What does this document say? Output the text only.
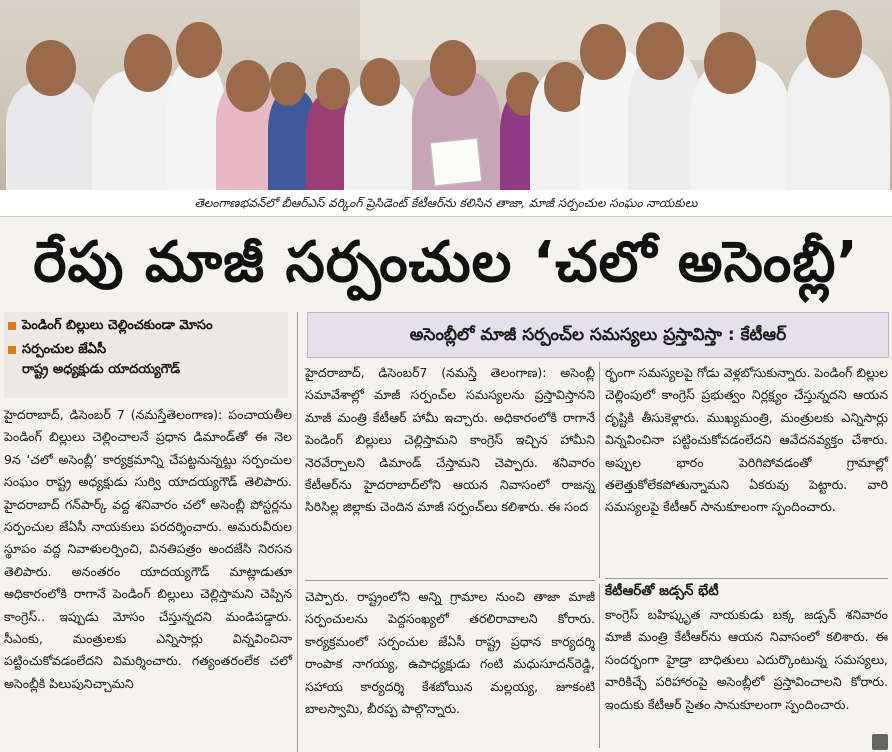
తెలంగాణభవన్‌లో బీఆర్ఎస్ వర్కింగ్ ప్రెసిడెంట్ కేటీఆర్‌ను కలిసిన తాజా, మాజీ సర్పంచుల సంఘం నాయకులు
రేపు మాజీ సర్పంచుల ‘చలో అసెంబ్లీ’
పెండింగ్ బిల్లులు చెల్లించకుండా మోసం
సర్పంచుల జేఏసీ
రాష్ట్ర అధ్యక్షుడు యాదయ్యగౌడ్

హైదరాబాద్, డిసెంబర్ 7 (నమస్తేతెలంగాణ): పంచాయతీల పెండింగ్ బిల్లులు చెల్లించాలనే ప్రధాన డిమాండ్‌తో ఈ నెల 9న ‘చలో అసెంబ్లీ’ కార్యక్రమాన్ని చేపట్టనున్నట్టు సర్పంచుల సంఘం రాష్ట్ర అధ్యక్షుడు సుర్వి యాదయ్యగౌడ్ తెలిపారు. హైదరాబాద్ గన్‌పార్క్ వద్ద శనివారం చలో అసెంబ్లీ పోస్టర్లను సర్పంచుల జేఏసీ నాయకులు పరదర్శించారు. అమరువీరుల స్థూపం వద్ద నివాళులర్పించి, వినతిపత్రం అందజేసి నిరసన తెలిపారు. అనంతరం యాదయ్యగౌడ్ మాట్లాడుతూ అధికారంలోకి రాగానే పెండింగ్ బిల్లులు చెల్లిస్తామని చెప్పిన కాంగ్రెస్.. ఇప్పుడు మోసం చేస్తున్నదని మండిపడ్డారు. సీఎంకు, మంత్రులకు ఎన్నిసార్లు విన్నవించినా పట్టించుకోవడంలేదని విమర్శించారు. గత్యంతరంలేక చలో అసెంబ్లీకి పిలుపునిచ్చామని

అసెంబ్లీలో మాజీ సర్పంచ్‌ల సమస్యలు ప్రస్తావిస్తా : కేటీఆర్

హైదరాబాద్, డిసెంబర్7 (నమస్తే తెలంగాణ): అసెంబ్లీ సమావేశాల్లో మాజీ సర్పంచ్‌ల సమస్యలను ప్రస్తావిస్తానని మాజీ మంత్రి కేటీఆర్ హామీ ఇచ్చారు. అధికారంలోకి రాగానే పెండింగ్ బిల్లులు చెల్లిస్తామని కాంగ్రెస్ ఇచ్చిన హామీని నెరవేర్చాలని డిమాండ్ చేస్తామని చెప్పారు. శనివారం కేటీఆర్‌ను హైదరాబాద్‌లోని ఆయన నివాసంలో రాజన్న సిరిసిల్ల జిల్లాకు చెందిన మాజీ సర్పంచ్‌లు కలిశారు. ఈ సంద

ర్భంగా సమస్యలపై గోడు వెళ్లబోసుకున్నారు. పెండింగ్ బిల్లుల చెల్లింపులో కాంగ్రెస్ ప్రభుత్వం నిర్లక్ష్యం చేస్తున్నదని ఆయన దృష్టికి తీసుకెళ్లారు. ముఖ్యమంత్రి, మంత్రులకు ఎన్నిసార్లు విన్నవించినా పట్టించుకోవడంలేదని ఆవేదనవ్యక్తం చేశారు. అప్పుల భారం పెరిగిపోవడంతో గ్రామాల్లో తలెత్తుకోలేకపోతున్నామని ఏకరువు పెట్టారు. వారి సమస్యలపై కేటీఆర్ సానుకూలంగా స్పందించారు.

చెప్పారు. రాష్ట్రంలోని అన్ని గ్రామాల నుంచి తాజా మాజీ సర్పంచులను పెద్దసంఖ్యలో తరలిరావాలని కోరారు. కార్యక్రమంలో సర్పంచుల జేఏసీ రాష్ట్ర ప్రధాన కార్యదర్శి రాంపాక నాగయ్య, ఉపాధ్యక్షుడు గంటి మధుసూదన్‌రెడ్డి, సహాయ కార్యదర్శి కేశబోయిన మల్లయ్య, జూకంటి బాలస్వామి, బీరప్ప పాల్గొన్నారు.

కేటీఆర్‌తో జడ్సన్ భేటీ

కాంగ్రెస్ బహిష్కృత నాయకుడు బక్క జడ్సన్ శనివారం మాజీ మంత్రి కేటీఆర్‌ను ఆయన నివాసంలో కలిశారు. ఈ సందర్భంగా హైడ్రా బాధితులు ఎదుర్కొంటున్న సమస్యలు, వారికిచ్చే పరిహారంపై అసెంబ్లీలో ప్రస్తావించాలని కోరారు. ఇందుకు కేటీఆర్ సైతం సానుకూలంగా స్పందించారు.
